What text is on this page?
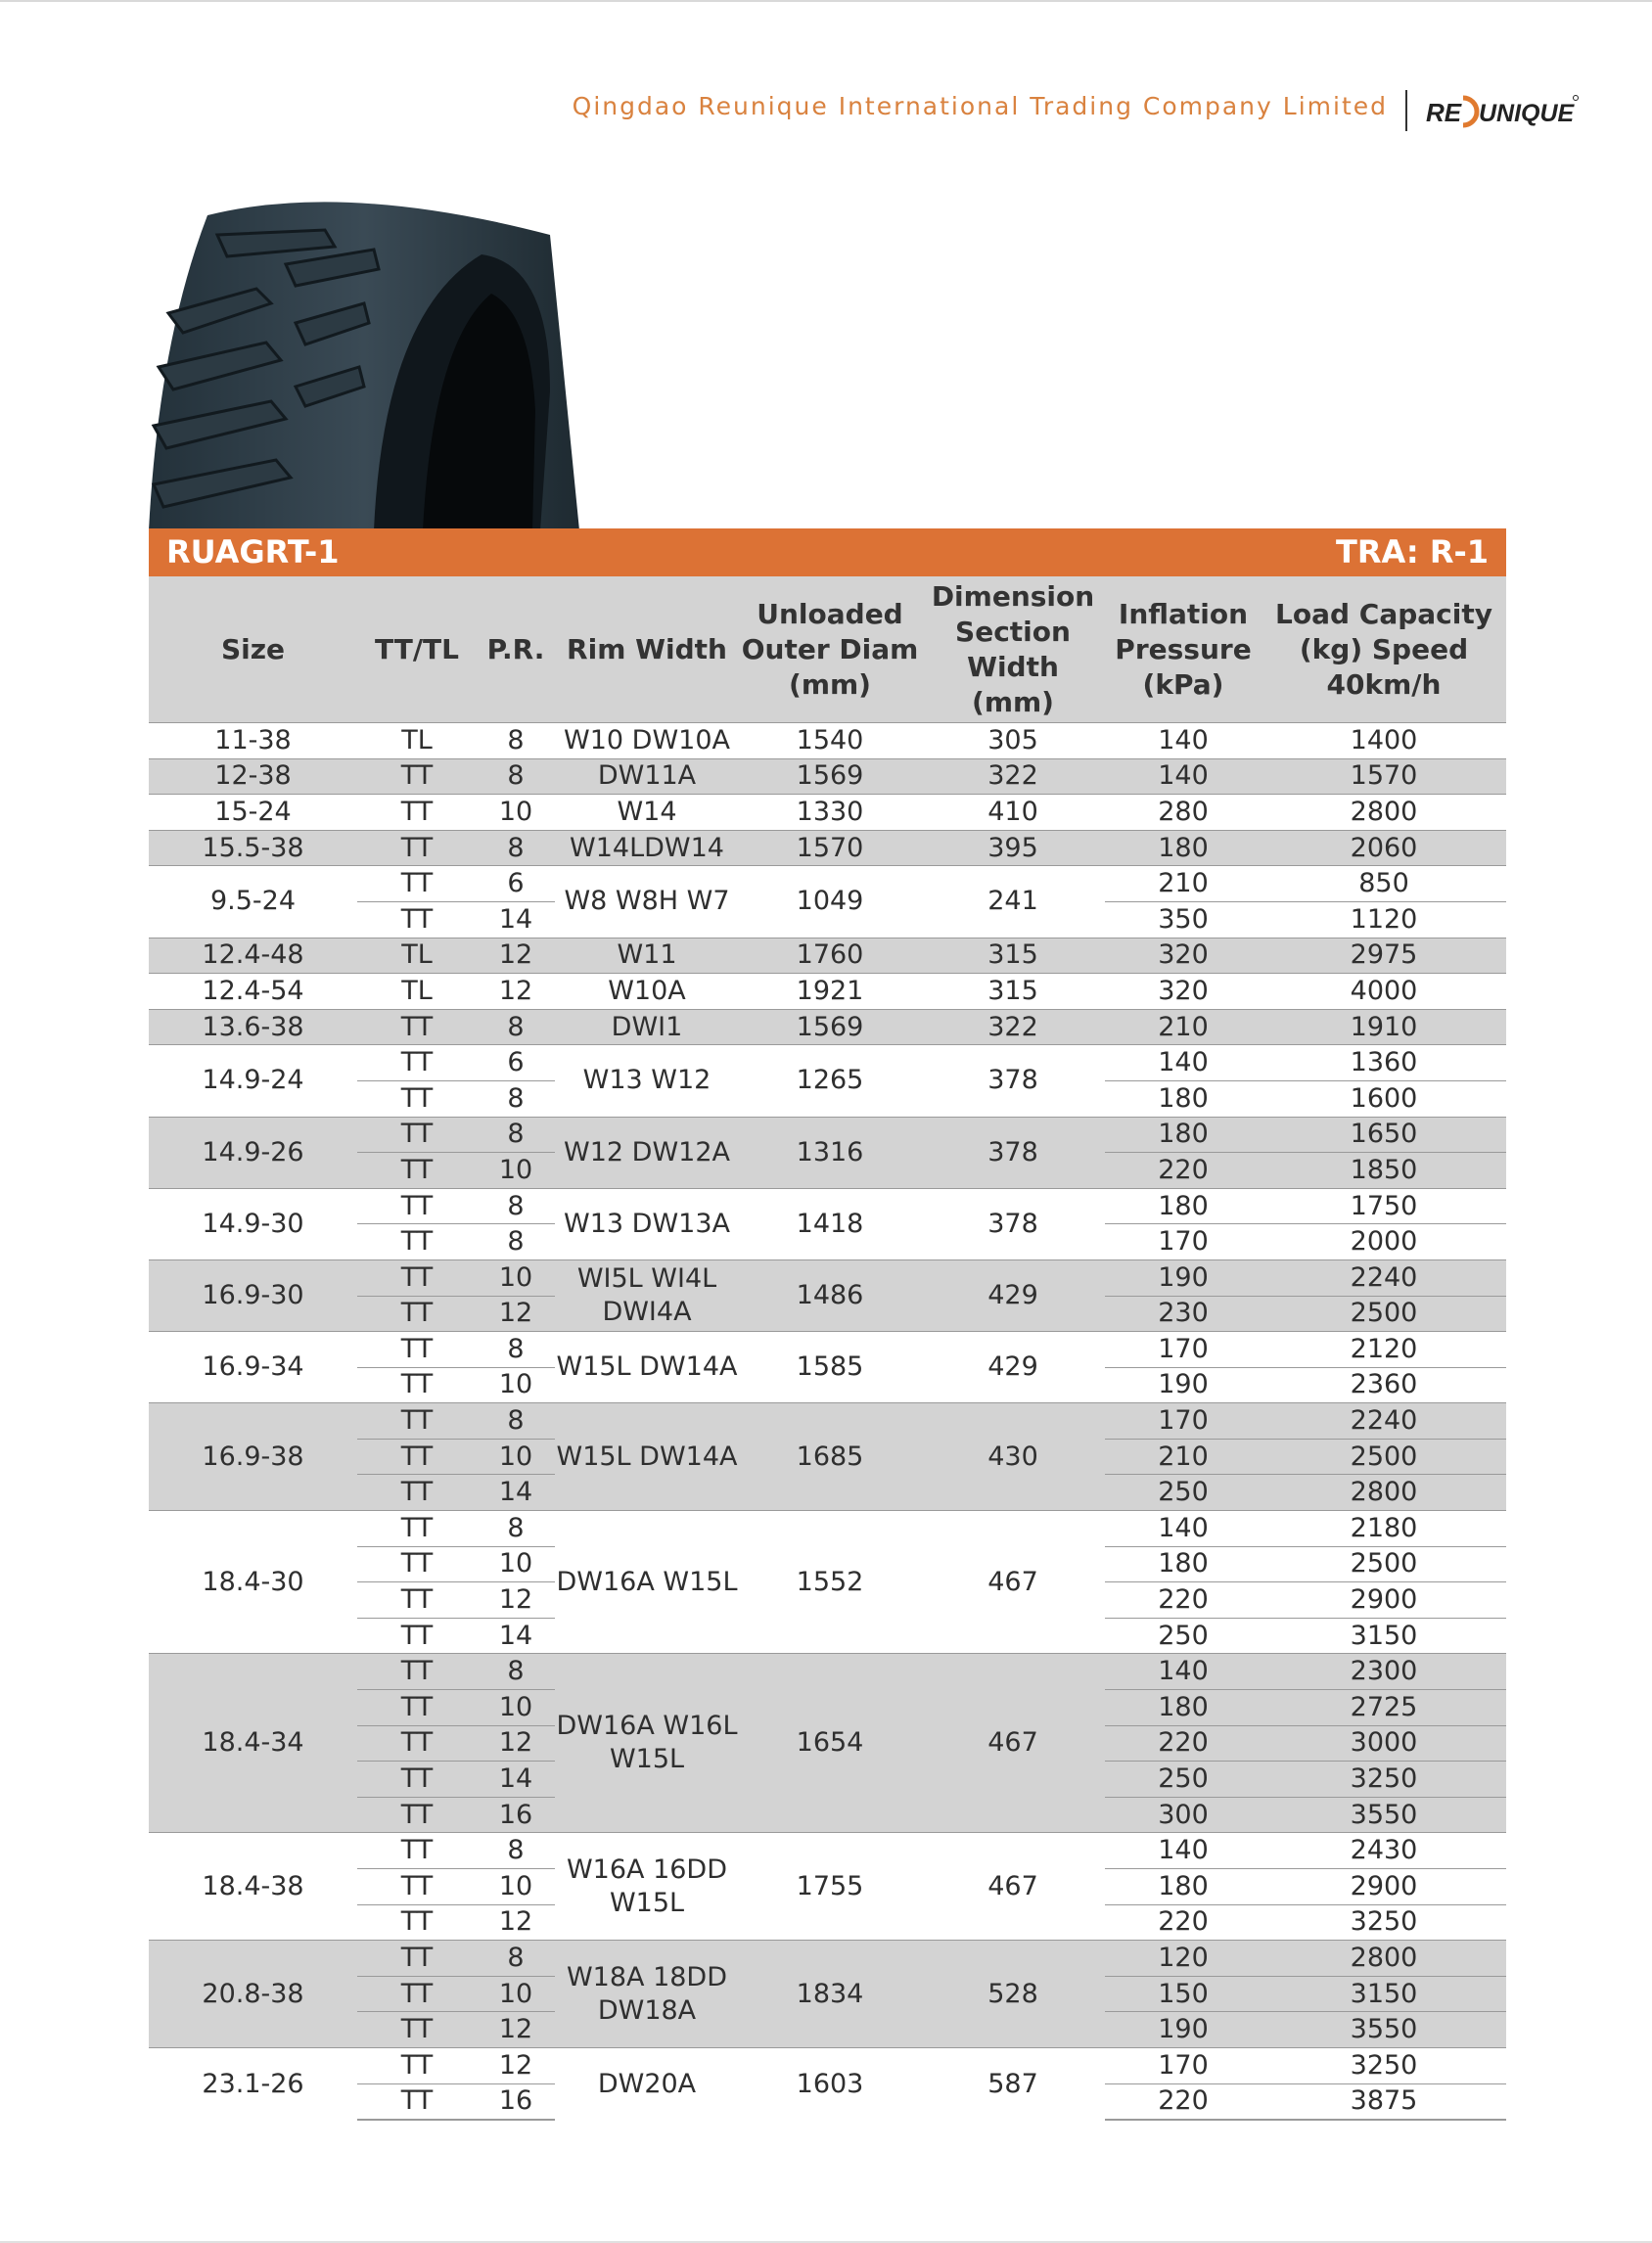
Qingdao Reunique International Trading Company Limited RE UNIQUE
RUAGRT-1	TRA: R-1
Size	TT/TL	P.R.	Rim Width	Unloaded Outer Diam (mm)	Dimension Section Width (mm)	Inflation Pressure (kPa)	Load Capacity (kg) Speed 40km/h
11-38	TL	8	W10 DW10A	1540	305	140	1400
12-38	TT	8	DW11A	1569	322	140	1570
15-24	TT	10	W14	1330	410	280	2800
15.5-38	TT	8	W14LDW14	1570	395	180	2060
9.5-24	TT	6	W8 W8H W7	1049	241	210	850
	TT	14				350	1120
12.4-48	TL	12	W11	1760	315	320	2975
12.4-54	TL	12	W10A	1921	315	320	4000
13.6-38	TT	8	DWI1	1569	322	210	1910
14.9-24	TT	6	W13 W12	1265	378	140	1360
	TT	8				180	1600
14.9-26	TT	8	W12 DW12A	1316	378	180	1650
	TT	10				220	1850
14.9-30	TT	8	W13 DW13A	1418	378	180	1750
	TT	8				170	2000
16.9-30	TT	10	WI5L WI4L DWI4A	1486	429	190	2240
	TT	12				230	2500
16.9-34	TT	8	W15L DW14A	1585	429	170	2120
	TT	10				190	2360
16.9-38	TT	8	W15L DW14A	1685	430	170	2240
	TT	10				210	2500
	TT	14				250	2800
18.4-30	TT	8	DW16A W15L	1552	467	140	2180
	TT	10				180	2500
	TT	12				220	2900
	TT	14				250	3150
18.4-34	TT	8	DW16A W16L W15L	1654	467	140	2300
	TT	10				180	2725
	TT	12				220	3000
	TT	14				250	3250
	TT	16				300	3550
18.4-38	TT	8	W16A 16DD W15L	1755	467	140	2430
	TT	10				180	2900
	TT	12				220	3250
20.8-38	TT	8	W18A 18DD DW18A	1834	528	120	2800
	TT	10				150	3150
	TT	12				190	3550
23.1-26	TT	12	DW20A	1603	587	170	3250
	TT	16				220	3875
